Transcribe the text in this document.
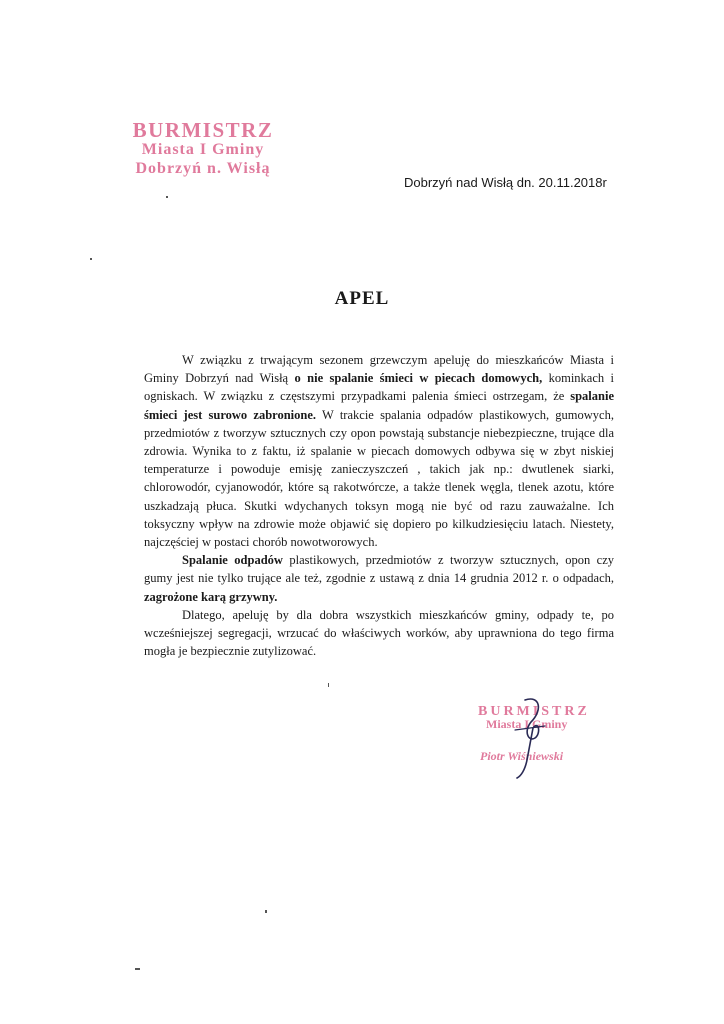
BURMISTRZ
Miasta I Gminy
Dobrzyń n. Wisłą
Dobrzyń nad Wisłą dn. 20.11.2018r
APEL

W związku z trwającym sezonem grzewczym apeluję do mieszkańców Miasta i Gminy Dobrzyń nad Wisłą o nie spalanie śmieci w piecach domowych, kominkach i ogniskach. W związku z częstszymi przypadkami palenia śmieci ostrzegam, że spalanie śmieci jest surowo zabronione. W trakcie spalania odpadów plastikowych, gumowych, przedmiotów z tworzyw sztucznych czy opon powstają substancje niebezpieczne, trujące dla zdrowia. Wynika to z faktu, iż spalanie w piecach domowych odbywa się w zbyt niskiej temperaturze i powoduje emisję zanieczyszczeń , takich jak np.: dwutlenek siarki, chlorowodór, cyjanowodór, które są rakotwórcze, a także tlenek węgla, tlenek azotu, które uszkadzają płuca. Skutki wdychanych toksyn mogą nie być od razu zauważalne. Ich toksyczny wpływ na zdrowie może objawić się dopiero po kilkudziesięciu latach. Niestety, najczęściej w postaci chorób nowotworowych.

Spalanie odpadów plastikowych, przedmiotów z tworzyw sztucznych, opon czy gumy jest nie tylko trujące ale też, zgodnie z ustawą z dnia 14 grudnia 2012 r. o odpadach, zagrożone karą grzywny.

Dlatego, apeluję by dla dobra wszystkich mieszkańców gminy, odpady te, po wcześniejszej segregacji, wrzucać do właściwych worków, aby uprawniona do tego firma mogła je bezpiecznie zutylizować.

BURMISTRZ
Miasta I Gminy
Piotr Wiśniewski
